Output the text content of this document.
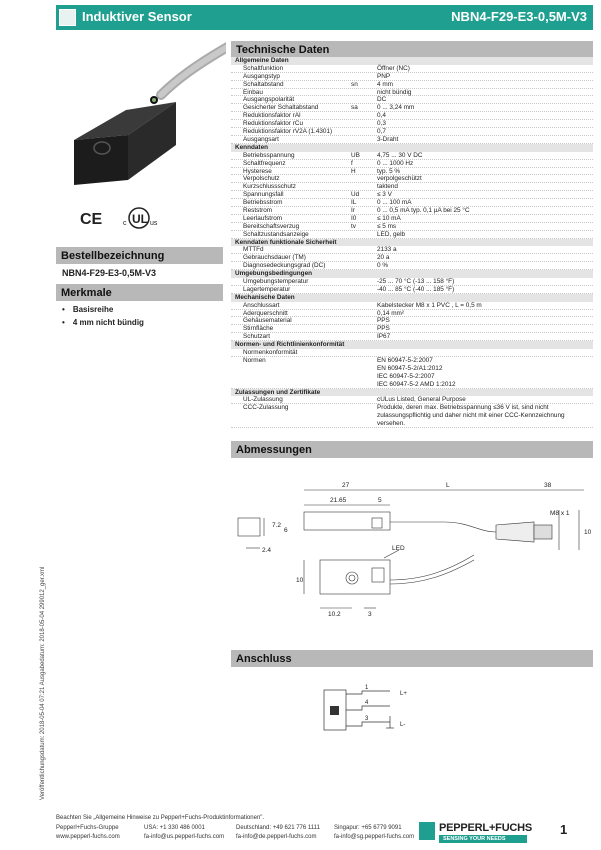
Induktiver Sensor	NBN4-F29-E3-0,5M-V3
Veröffentlichungsdatum: 2018-05-04 07:21 Ausgabedatum: 2018-05-04 299012_ger.xml
CE UL
c	us
Bestellbezeichnung
NBN4-F29-E3-0,5M-V3
Merkmale
• Basisreihe
• 4 mm nicht bündig
Technische Daten
Allgemeine Daten
Schaltfunktion	Öffner (NC)
Ausgangstyp	PNP
Schaltabstand	sn	4 mm
Einbau	nicht bündig
Ausgangspolarität	DC
Gesicherter Schaltabstand	sa	0 ... 3,24 mm
Reduktionsfaktor rAl	0,4
Reduktionsfaktor rCu	0,3
Reduktionsfaktor rV2A (1.4301)	0,7
Ausgangsart	3-Draht
Kenndaten
Betriebsspannung	UB	4,75 ... 30 V DC
Schaltfrequenz	f	0 ... 1000 Hz
Hysterese	H	typ. 5 %
Verpolschutz	verpolgeschützt
Kurzschlussschutz	taktend
Spannungsfall	Ud	≤ 3 V
Betriebsstrom	IL	0 ... 100 mA
Reststrom	Ir	0 ... 0,5 mA typ. 0,1 µA bei 25 °C
Leerlaufstrom	I0	≤ 10 mA
Bereitschaftsverzug	tv	≤ 5 ms
Schaltzustandsanzeige	LED, gelb
Kenndaten funktionale Sicherheit
MTTFd	2133 a
Gebrauchsdauer (TM)	20 a
Diagnosedeckungsgrad (DC)	0 %
Umgebungsbedingungen
Umgebungstemperatur	-25 ... 70 °C (-13 ... 158 °F)
Lagertemperatur	-40 ... 85 °C (-40 ... 185 °F)
Mechanische Daten
Anschlussart	Kabelstecker M8 x 1 PVC , L = 0,5 m
Aderquerschnitt	0,14 mm²
Gehäusematerial	PPS
Stirnfläche	PPS
Schutzart	IP67
Normen- und Richtlinienkonformität
Normenkonformität
Normen	EN 60947-5-2:2007
EN 60947-5-2/A1:2012
IEC 60947-5-2:2007
IEC 60947-5-2 AMD 1:2012
Zulassungen und Zertifikate
UL-Zulassung	cULus Listed, General Purpose
CCC-Zulassung	Produkte, deren max. Betriebsspannung ≤36 V ist, sind nicht zulassungspflichtig und daher nicht mit einer CCC-Kennzeichnung versehen.
Abmessungen
27
21.65	5
L	38
7.2
6
2.4
10
10.2	3
M8 x 1
10
LED
Anschluss
1
4
3
L+
L-
Beachten Sie „Allgemeine Hinweise zu Pepperl+Fuchs-Produktinformationen".
Pepperl+Fuchs-Gruppe
www.pepperl-fuchs.com
USA: +1 330 486 0001
fa-info@us.pepperl-fuchs.com
Deutschland: +49 621 776 1111
fa-info@de.pepperl-fuchs.com
Singapur: +65 6779 9091
fa-info@sg.pepperl-fuchs.com
PEPPERL+FUCHS
SENSING YOUR NEEDS
1
